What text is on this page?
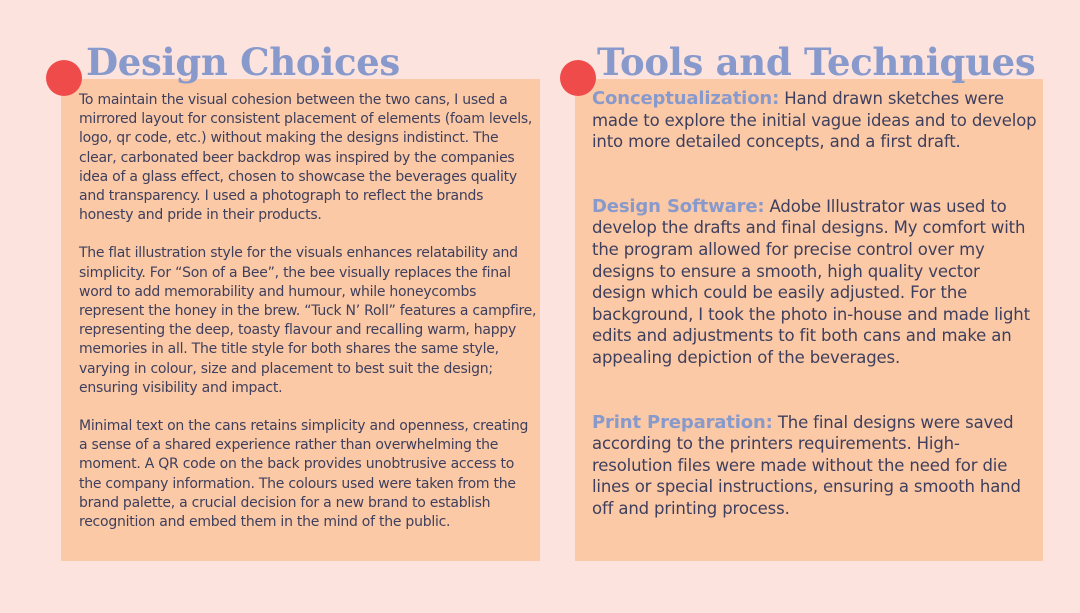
Design Choices	Tools and Techniques

To maintain the visual cohesion between the two cans, I used a mirrored layout for consistent placement of elements (foam levels, logo, qr code, etc.) without making the designs indistinct. The clear, carbonated beer backdrop was inspired by the companies idea of a glass effect, chosen to showcase the beverages quality and transparency. I used a photograph to reflect the brands honesty and pride in their products.

The flat illustration style for the visuals enhances relatability and simplicity. For “Son of a Bee”, the bee visually replaces the final word to add memorability and humour, while honeycombs represent the honey in the brew. “Tuck N’ Roll” features a campfire, representing the deep, toasty flavour and recalling warm, happy memories in all. The title style for both shares the same style, varying in colour, size and placement to best suit the design; ensuring visibility and impact.

Minimal text on the cans retains simplicity and openness, creating a sense of a shared experience rather than overwhelming the moment. A QR code on the back provides unobtrusive access to the company information. The colours used were taken from the brand palette, a crucial decision for a new brand to establish recognition and embed them in the mind of the public.

Conceptualization: Hand drawn sketches were made to explore the initial vague ideas and to develop into more detailed concepts, and a first draft.

Design Software: Adobe Illustrator was used to develop the drafts and final designs. My comfort with the program allowed for precise control over my designs to ensure a smooth, high quality vector design which could be easily adjusted. For the background, I took the photo in-house and made light edits and adjustments to fit both cans and make an appealing depiction of the beverages.

Print Preparation: The final designs were saved according to the printers requirements. High-resolution files were made without the need for die lines or special instructions, ensuring a smooth hand off and printing process.
